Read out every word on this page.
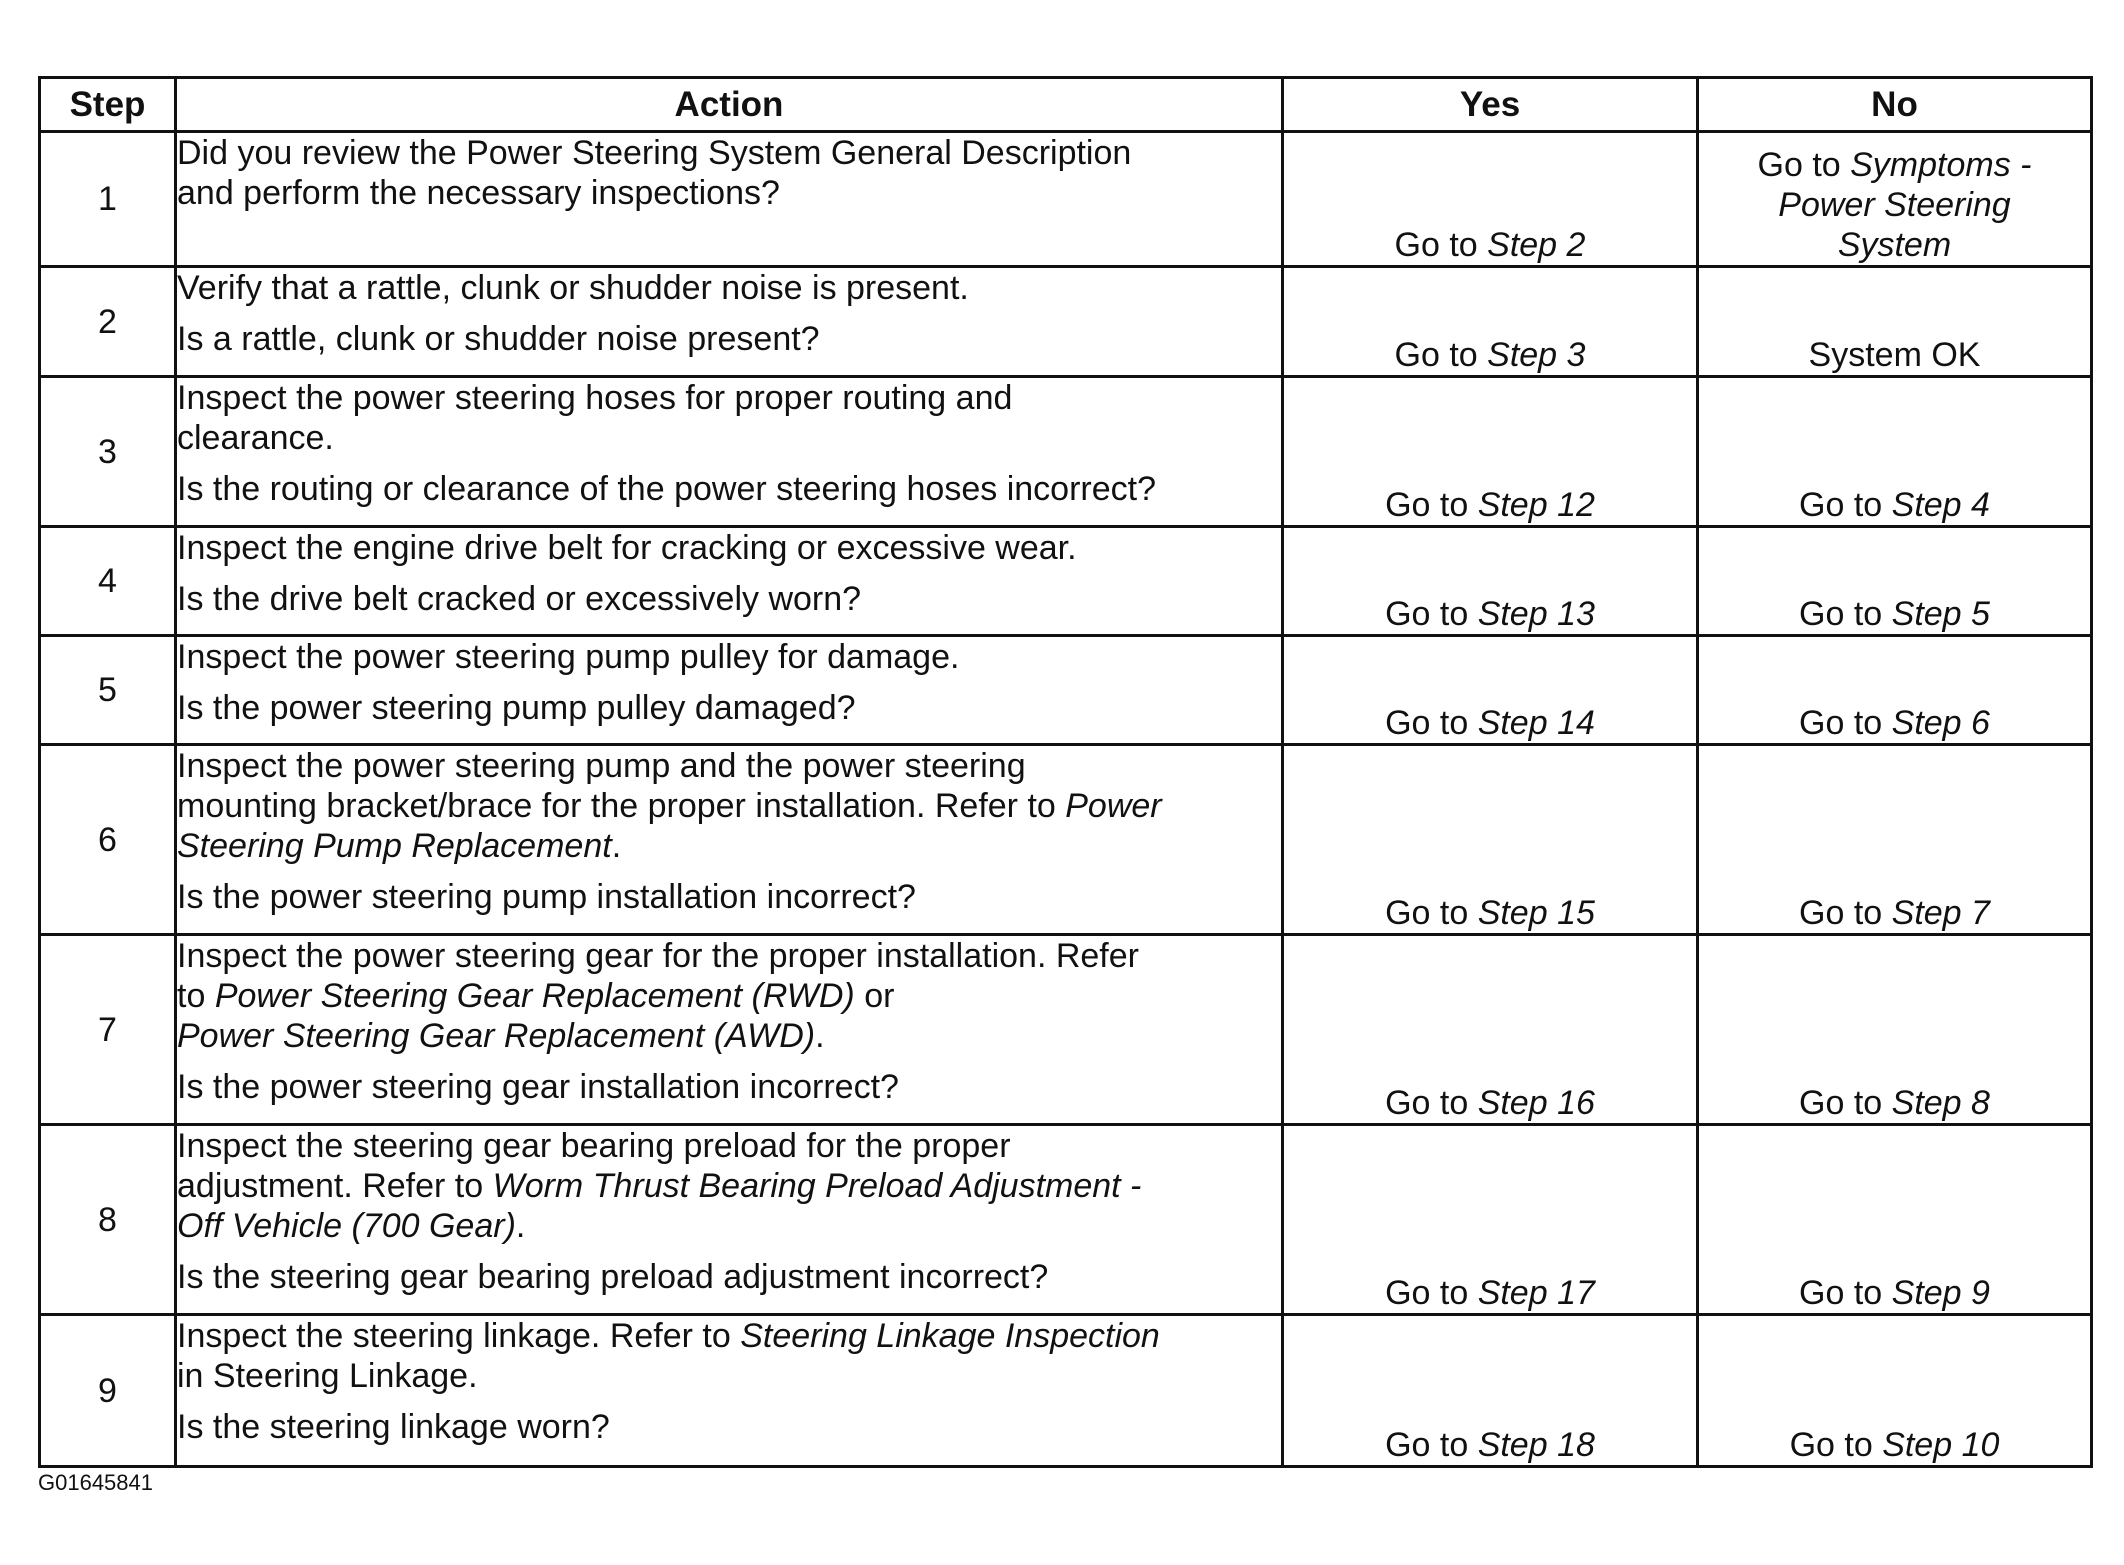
Step	Action	Yes	No
1	Did you review the Power Steering System General Description
and perform the necessary inspections?	Go to Step 2	Go to Symptoms -
Power Steering
System

2	Verify that a rattle, clunk or shudder noise is present.
Is a rattle, clunk or shudder noise present?	Go to Step 3	System OK

3	Inspect the power steering hoses for proper routing and
clearance.
Is the routing or clearance of the power steering hoses incorrect?	Go to Step 12	Go to Step 4

4	Inspect the engine drive belt for cracking or excessive wear.
Is the drive belt cracked or excessively worn?	Go to Step 13	Go to Step 5

5	Inspect the power steering pump pulley for damage.
Is the power steering pump pulley damaged?	Go to Step 14	Go to Step 6

6	Inspect the power steering pump and the power steering
mounting bracket/brace for the proper installation. Refer to Power
Steering Pump Replacement.
Is the power steering pump installation incorrect?	Go to Step 15	Go to Step 7

7	Inspect the power steering gear for the proper installation. Refer
to Power Steering Gear Replacement (RWD) or
Power Steering Gear Replacement (AWD).
Is the power steering gear installation incorrect?	Go to Step 16	Go to Step 8

8	Inspect the steering gear bearing preload for the proper
adjustment. Refer to Worm Thrust Bearing Preload Adjustment -
Off Vehicle (700 Gear).
Is the steering gear bearing preload adjustment incorrect?	Go to Step 17	Go to Step 9

9	Inspect the steering linkage. Refer to Steering Linkage Inspection
in Steering Linkage.
Is the steering linkage worn?	Go to Step 18	Go to Step 10
G01645841
